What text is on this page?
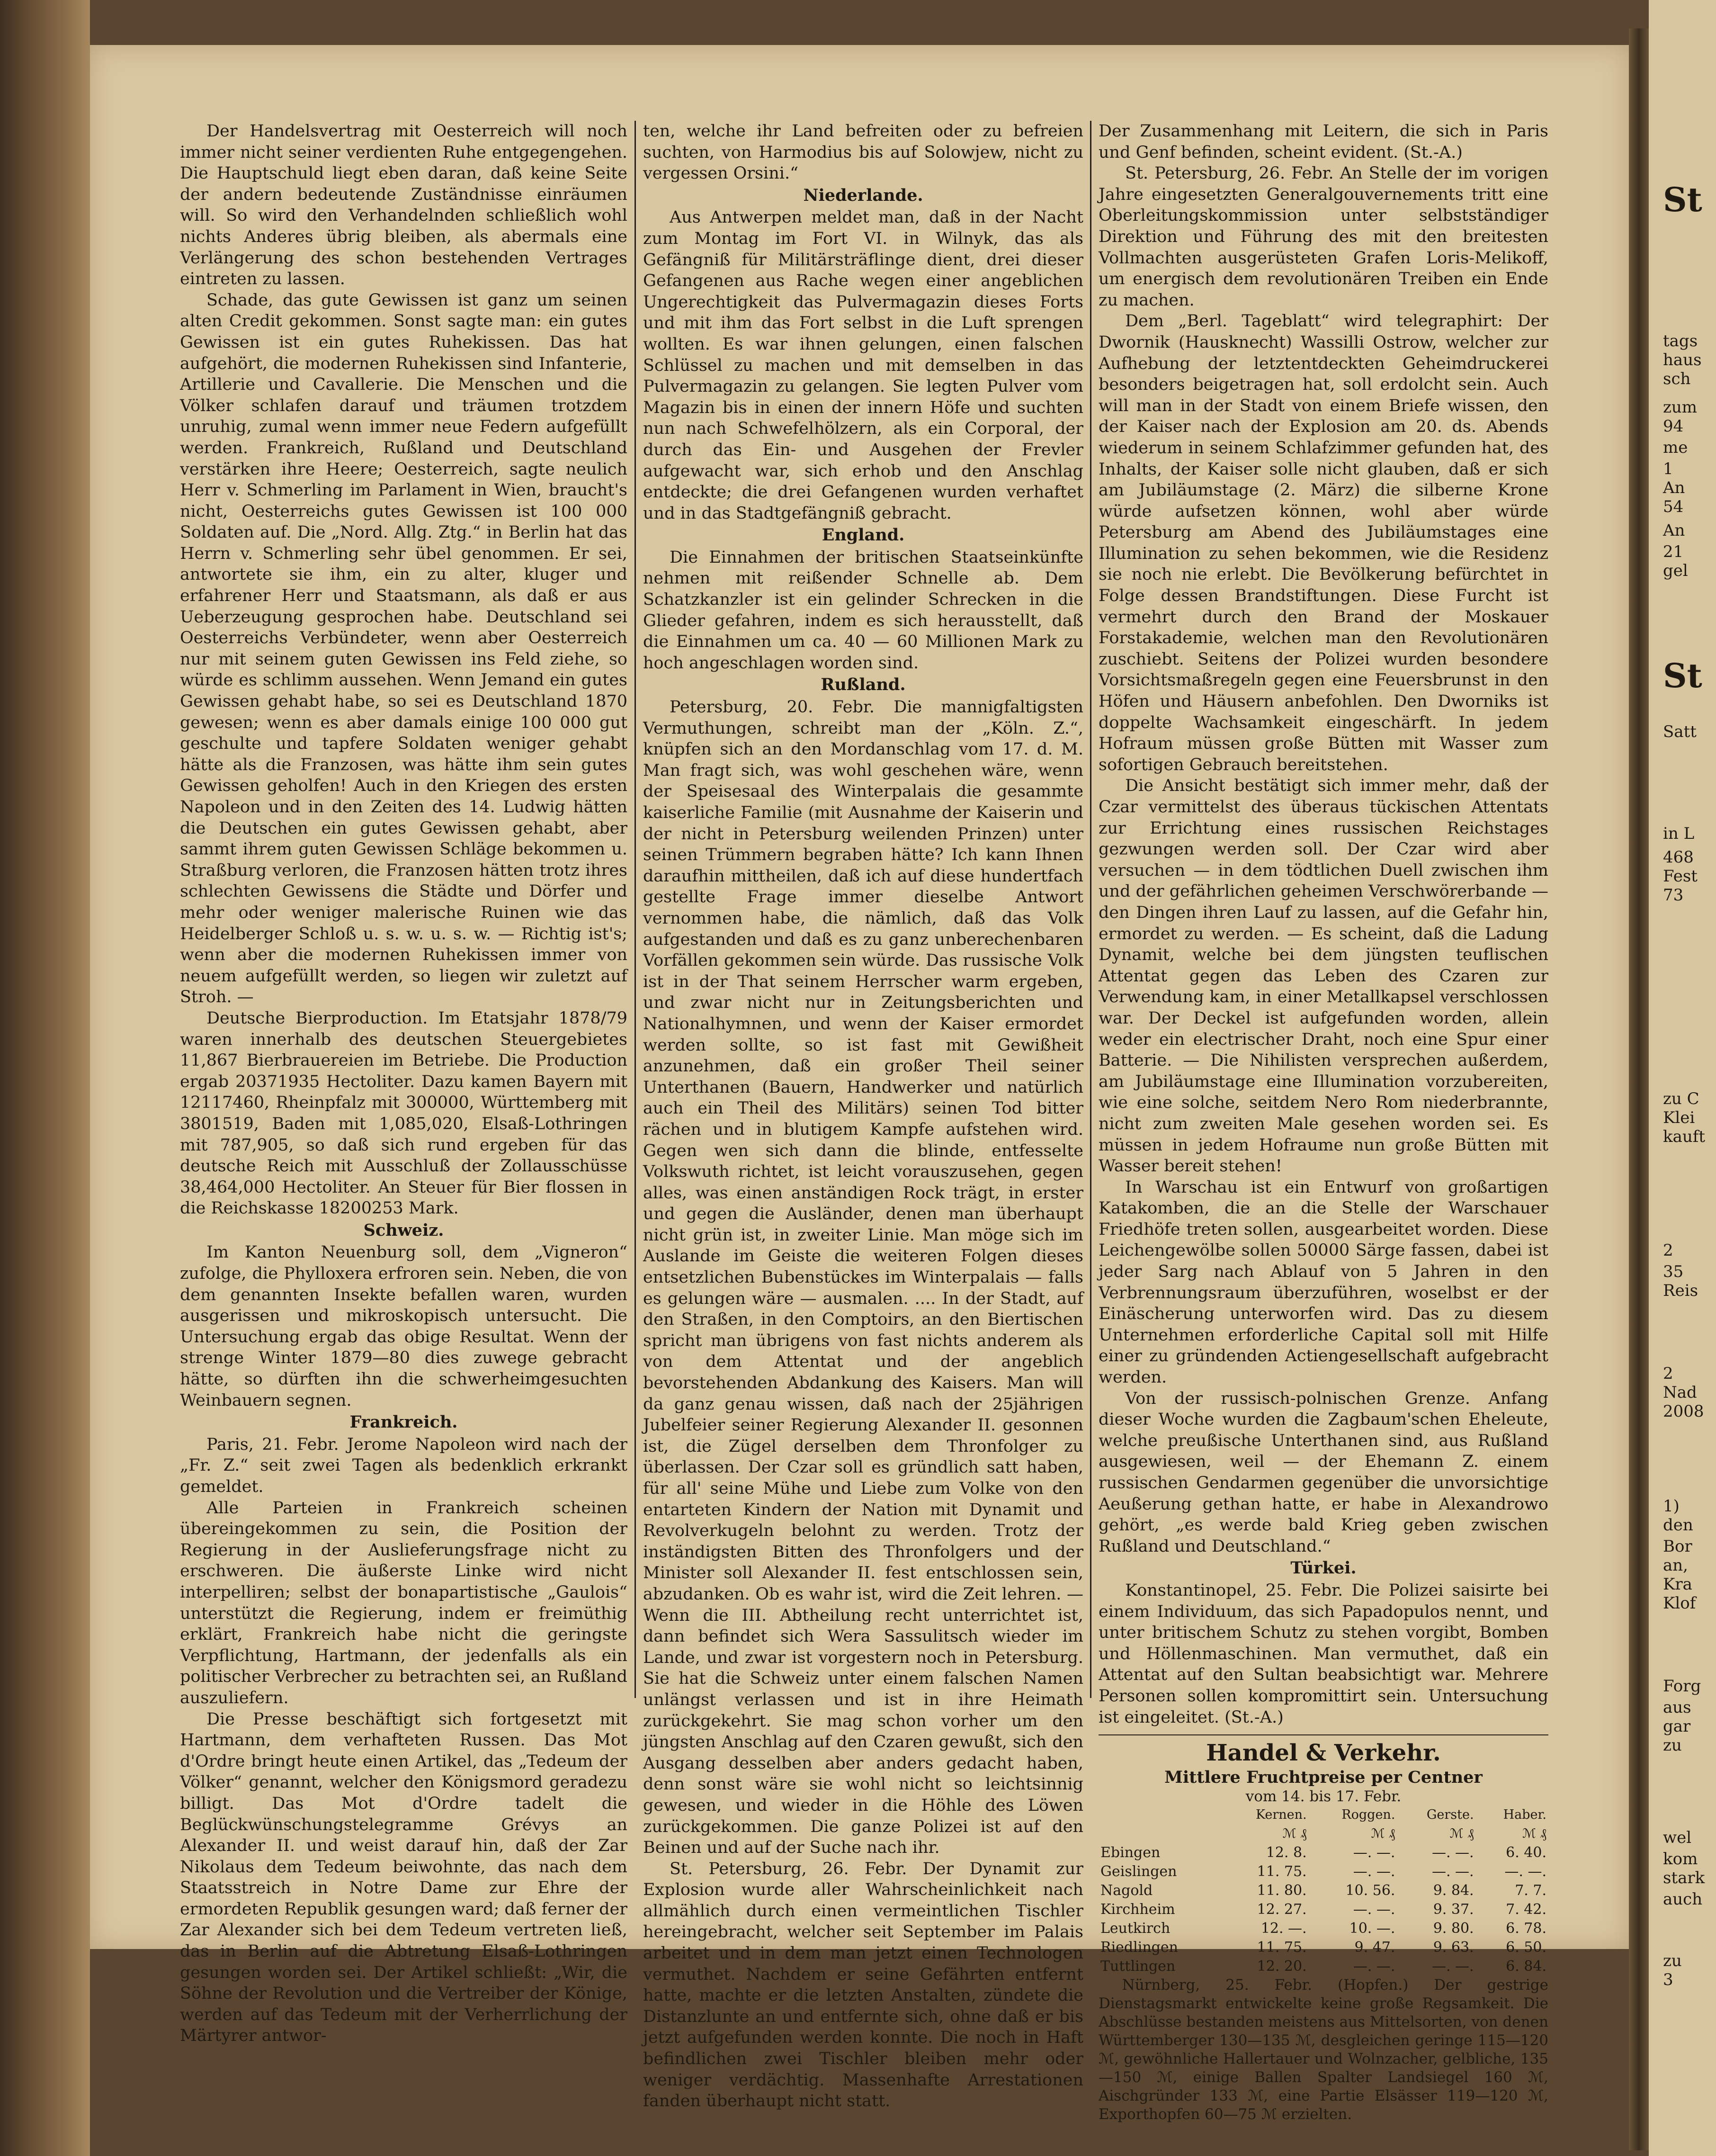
Der Handelsvertrag mit Oesterreich will noch immer nicht seiner verdienten Ruhe entgegengehen. Die Hauptschuld liegt eben daran, daß keine Seite der andern bedeutende Zuständnisse einräumen will. So wird den Verhandelnden schließlich wohl nichts Anderes übrig bleiben, als abermals eine Verlängerung des schon bestehenden Vertrages eintreten zu lassen.

Schade, das gute Gewissen ist ganz um seinen alten Credit gekommen. Sonst sagte man: ein gutes Gewissen ist ein gutes Ruhekissen. Das hat aufgehört, die modernen Ruhekissen sind Infanterie, Artillerie und Cavallerie. Die Menschen und die Völker schlafen darauf und träumen trotzdem unruhig, zumal wenn immer neue Federn aufgefüllt werden. Frankreich, Rußland und Deutschland verstärken ihre Heere; Oesterreich, sagte neulich Herr v. Schmerling im Parlament in Wien, braucht's nicht, Oesterreichs gutes Gewissen ist 100 000 Soldaten auf. Die „Nord. Allg. Ztg.“ in Berlin hat das Herrn v. Schmerling sehr übel genommen. Er sei, antwortete sie ihm, ein zu alter, kluger und erfahrener Herr und Staatsmann, als daß er aus Ueberzeugung gesprochen habe. Deutschland sei Oesterreichs Verbündeter, wenn aber Oesterreich nur mit seinem guten Gewissen ins Feld ziehe, so würde es schlimm aussehen. Wenn Jemand ein gutes Gewissen gehabt habe, so sei es Deutschland 1870 gewesen; wenn es aber damals einige 100 000 gut geschulte und tapfere Soldaten weniger gehabt hätte als die Franzosen, was hätte ihm sein gutes Gewissen geholfen! Auch in den Kriegen des ersten Napoleon und in den Zeiten des 14. Ludwig hätten die Deutschen ein gutes Gewissen gehabt, aber sammt ihrem guten Gewissen Schläge bekommen u. Straßburg verloren, die Franzosen hätten trotz ihres schlechten Gewissens die Städte und Dörfer und mehr oder weniger malerische Ruinen wie das Heidelberger Schloß u. s. w. u. s. w. — Richtig ist's; wenn aber die modernen Ruhekissen immer von neuem aufgefüllt werden, so liegen wir zuletzt auf Stroh. —

Deutsche Bierproduction. Im Etatsjahr 1878/79 waren innerhalb des deutschen Steuergebietes 11,867 Bierbrauereien im Betriebe. Die Production ergab 20371935 Hectoliter. Dazu kamen Bayern mit 12117460, Rheinpfalz mit 300000, Württemberg mit 3801519, Baden mit 1,085,020, Elsaß-Lothringen mit 787,905, so daß sich rund ergeben für das deutsche Reich mit Ausschluß der Zollausschüsse 38,464,000 Hectoliter. An Steuer für Bier flossen in die Reichskasse 18200253 Mark.

Schweiz.

Im Kanton Neuenburg soll, dem „Vigneron“ zufolge, die Phylloxera erfroren sein. Neben, die von dem genannten Insekte befallen waren, wurden ausgerissen und mikroskopisch untersucht. Die Untersuchung ergab das obige Resultat. Wenn der strenge Winter 1879—80 dies zuwege gebracht hätte, so dürften ihn die schwerheimgesuchten Weinbauern segnen.

Frankreich.

Paris, 21. Febr. Jerome Napoleon wird nach der „Fr. Z.“ seit zwei Tagen als bedenklich erkrankt gemeldet.

Alle Parteien in Frankreich scheinen übereingekommen zu sein, die Position der Regierung in der Auslieferungsfrage nicht zu erschweren. Die äußerste Linke wird nicht interpelliren; selbst der bonapartistische „Gaulois“ unterstützt die Regierung, indem er freimüthig erklärt, Frankreich habe nicht die geringste Verpflichtung, Hartmann, der jedenfalls als ein politischer Verbrecher zu betrachten sei, an Rußland auszuliefern.

Die Presse beschäftigt sich fortgesetzt mit Hartmann, dem verhafteten Russen. Das Mot d'Ordre bringt heute einen Artikel, das „Tedeum der Völker“ genannt, welcher den Königsmord geradezu billigt. Das Mot d'Ordre tadelt die Beglückwünschungstelegramme Grévys an Alexander II. und weist darauf hin, daß der Zar Nikolaus dem Tedeum beiwohnte, das nach dem Staatsstreich in Notre Dame zur Ehre der ermordeten Republik gesungen ward; daß ferner der Zar Alexander sich bei dem Tedeum vertreten ließ, das in Berlin auf die Abtretung Elsaß-Lothringen gesungen worden sei. Der Artikel schließt: „Wir, die Söhne der Revolution und die Vertreiber der Könige, werden auf das Tedeum mit der Verherrlichung der Märtyrer antwor-

ten, welche ihr Land befreiten oder zu befreien suchten, von Harmodius bis auf Solowjew, nicht zu vergessen Orsini.“

Niederlande.

Aus Antwerpen meldet man, daß in der Nacht zum Montag im Fort VI. in Wilnyk, das als Gefängniß für Militärsträflinge dient, drei dieser Gefangenen aus Rache wegen einer angeblichen Ungerechtigkeit das Pulvermagazin dieses Forts und mit ihm das Fort selbst in die Luft sprengen wollten. Es war ihnen gelungen, einen falschen Schlüssel zu machen und mit demselben in das Pulvermagazin zu gelangen. Sie legten Pulver vom Magazin bis in einen der innern Höfe und suchten nun nach Schwefelhölzern, als ein Corporal, der durch das Ein- und Ausgehen der Frevler aufgewacht war, sich erhob und den Anschlag entdeckte; die drei Gefangenen wurden verhaftet und in das Stadtgefängniß gebracht.

England.

Die Einnahmen der britischen Staatseinkünfte nehmen mit reißender Schnelle ab. Dem Schatzkanzler ist ein gelinder Schrecken in die Glieder gefahren, indem es sich herausstellt, daß die Einnahmen um ca. 40 — 60 Millionen Mark zu hoch angeschlagen worden sind.

Rußland.

Petersburg, 20. Febr. Die mannigfaltigsten Vermuthungen, schreibt man der „Köln. Z.“, knüpfen sich an den Mordanschlag vom 17. d. M. Man fragt sich, was wohl geschehen wäre, wenn der Speisesaal des Winterpalais die gesammte kaiserliche Familie (mit Ausnahme der Kaiserin und der nicht in Petersburg weilenden Prinzen) unter seinen Trümmern begraben hätte? Ich kann Ihnen daraufhin mittheilen, daß ich auf diese hundertfach gestellte Frage immer dieselbe Antwort vernommen habe, die nämlich, daß das Volk aufgestanden und daß es zu ganz unberechenbaren Vorfällen gekommen sein würde. Das russische Volk ist in der That seinem Herrscher warm ergeben, und zwar nicht nur in Zeitungsberichten und Nationalhymnen, und wenn der Kaiser ermordet werden sollte, so ist fast mit Gewißheit anzunehmen, daß ein großer Theil seiner Unterthanen (Bauern, Handwerker und natürlich auch ein Theil des Militärs) seinen Tod bitter rächen und in blutigem Kampfe aufstehen wird. Gegen wen sich dann die blinde, entfesselte Volkswuth richtet, ist leicht vorauszusehen, gegen alles, was einen anständigen Rock trägt, in erster und gegen die Ausländer, denen man überhaupt nicht grün ist, in zweiter Linie. Man möge sich im Auslande im Geiste die weiteren Folgen dieses entsetzlichen Bubenstückes im Winterpalais — falls es gelungen wäre — ausmalen. .... In der Stadt, auf den Straßen, in den Comptoirs, an den Biertischen spricht man übrigens von fast nichts anderem als von dem Attentat und der angeblich bevorstehenden Abdankung des Kaisers. Man will da ganz genau wissen, daß nach der 25jährigen Jubelfeier seiner Regierung Alexander II. gesonnen ist, die Zügel derselben dem Thronfolger zu überlassen. Der Czar soll es gründlich satt haben, für all' seine Mühe und Liebe zum Volke von den entarteten Kindern der Nation mit Dynamit und Revolverkugeln belohnt zu werden. Trotz der inständigsten Bitten des Thronfolgers und der Minister soll Alexander II. fest entschlossen sein, abzudanken. Ob es wahr ist, wird die Zeit lehren. — Wenn die III. Abtheilung recht unterrichtet ist, dann befindet sich Wera Sassulitsch wieder im Lande, und zwar ist vorgestern noch in Petersburg. Sie hat die Schweiz unter einem falschen Namen unlängst verlassen und ist in ihre Heimath zurückgekehrt. Sie mag schon vorher um den jüngsten Anschlag auf den Czaren gewußt, sich den Ausgang desselben aber anders gedacht haben, denn sonst wäre sie wohl nicht so leichtsinnig gewesen, und wieder in die Höhle des Löwen zurückgekommen. Die ganze Polizei ist auf den Beinen und auf der Suche nach ihr.

St. Petersburg, 26. Febr. Der Dynamit zur Explosion wurde aller Wahrscheinlichkeit nach allmählich durch einen vermeintlichen Tischler hereingebracht, welcher seit September im Palais arbeitet und in dem man jetzt einen Technologen vermuthet. Nachdem er seine Gefährten entfernt hatte, machte er die letzten Anstalten, zündete die Distanzlunte an und entfernte sich, ohne daß er bis jetzt aufgefunden werden konnte. Die noch in Haft befindlichen zwei Tischler bleiben mehr oder weniger verdächtig. Massenhafte Arrestationen fanden überhaupt nicht statt.

Der Zusammenhang mit Leitern, die sich in Paris und Genf befinden, scheint evident. (St.-A.)

St. Petersburg, 26. Febr. An Stelle der im vorigen Jahre eingesetzten Generalgouvernements tritt eine Oberleitungskommission unter selbstständiger Direktion und Führung des mit den breitesten Vollmachten ausgerüsteten Grafen Loris-Melikoff, um energisch dem revolutionären Treiben ein Ende zu machen.

Dem „Berl. Tageblatt“ wird telegraphirt: Der Dwornik (Hausknecht) Wassilli Ostrow, welcher zur Aufhebung der letztentdeckten Geheimdruckerei besonders beigetragen hat, soll erdolcht sein. Auch will man in der Stadt von einem Briefe wissen, den der Kaiser nach der Explosion am 20. ds. Abends wiederum in seinem Schlafzimmer gefunden hat, des Inhalts, der Kaiser solle nicht glauben, daß er sich am Jubiläumstage (2. März) die silberne Krone würde aufsetzen können, wohl aber würde Petersburg am Abend des Jubiläumstages eine Illumination zu sehen bekommen, wie die Residenz sie noch nie erlebt. Die Bevölkerung befürchtet in Folge dessen Brandstiftungen. Diese Furcht ist vermehrt durch den Brand der Moskauer Forstakademie, welchen man den Revolutionären zuschiebt. Seitens der Polizei wurden besondere Vorsichtsmaßregeln gegen eine Feuersbrunst in den Höfen und Häusern anbefohlen. Den Dworniks ist doppelte Wachsamkeit eingeschärft. In jedem Hofraum müssen große Bütten mit Wasser zum sofortigen Gebrauch bereitstehen.

Die Ansicht bestätigt sich immer mehr, daß der Czar vermittelst des überaus tückischen Attentats zur Errichtung eines russischen Reichstages gezwungen werden soll. Der Czar wird aber versuchen — in dem tödtlichen Duell zwischen ihm und der gefährlichen geheimen Verschwörerbande — den Dingen ihren Lauf zu lassen, auf die Gefahr hin, ermordet zu werden. — Es scheint, daß die Ladung Dynamit, welche bei dem jüngsten teuflischen Attentat gegen das Leben des Czaren zur Verwendung kam, in einer Metallkapsel verschlossen war. Der Deckel ist aufgefunden worden, allein weder ein electrischer Draht, noch eine Spur einer Batterie. — Die Nihilisten versprechen außerdem, am Jubiläumstage eine Illumination vorzubereiten, wie eine solche, seitdem Nero Rom niederbrannte, nicht zum zweiten Male gesehen worden sei. Es müssen in jedem Hofraume nun große Bütten mit Wasser bereit stehen!

In Warschau ist ein Entwurf von großartigen Katakomben, die an die Stelle der Warschauer Friedhöfe treten sollen, ausgearbeitet worden. Diese Leichengewölbe sollen 50000 Särge fassen, dabei ist jeder Sarg nach Ablauf von 5 Jahren in den Verbrennungsraum überzuführen, woselbst er der Einäscherung unterworfen wird. Das zu diesem Unternehmen erforderliche Capital soll mit Hilfe einer zu gründenden Actiengesellschaft aufgebracht werden.

Von der russisch-polnischen Grenze. Anfang dieser Woche wurden die Zagbaum'schen Eheleute, welche preußische Unterthanen sind, aus Rußland ausgewiesen, weil — der Ehemann Z. einem russischen Gendarmen gegenüber die unvorsichtige Aeußerung gethan hatte, er habe in Alexandrowo gehört, „es werde bald Krieg geben zwischen Rußland und Deutschland.“

Türkei.

Konstantinopel, 25. Febr. Die Polizei saisirte bei einem Individuum, das sich Papadopulos nennt, und unter britischem Schutz zu stehen vorgibt, Bomben und Höllenmaschinen. Man vermuthet, daß ein Attentat auf den Sultan beabsichtigt war. Mehrere Personen sollen kompromittirt sein. Untersuchung ist eingeleitet. (St.-A.)

Handel & Verkehr.
Mittlere Fruchtpreise per Centner
vom 14. bis 17. Febr.
	Kernen.	Roggen.	Gerste.	Haber.
	ℳ ₰	ℳ ₰	ℳ ₰	ℳ ₰
Ebingen	12. 8.	—. —.	—. —.	6. 40.
Geislingen	11. 75.	—. —.	—. —.	—. —.
Nagold	11. 80.	10. 56.	9. 84.	7. 7.
Kirchheim	12. 27.	—. —.	9. 37.	7. 42.
Leutkirch	12. —.	10. —.	9. 80.	6. 78.
Riedlingen	11. 75.	9. 47.	9. 63.	6. 50.
Tuttlingen	12. 20.	—. —.	—. —.	6. 84.

Nürnberg, 25. Febr. (Hopfen.) Der gestrige Dienstagsmarkt entwickelte keine große Regsamkeit. Die Abschlüsse bestanden meistens aus Mittelsorten, von denen Württemberger 130—135 ℳ, desgleichen geringe 115—120 ℳ, gewöhnliche Hallertauer und Wolnzacher, gelbliche, 135—150 ℳ, einige Ballen Spalter Landsiegel 160 ℳ, Aischgründer 133 ℳ, eine Partie Elsässer 119—120 ℳ, Exporthopfen 60—75 ℳ erzielten.

St
tags
haus
sch
zum
94
me
1
An
54
An
21
gel
St
Satt
in L
468
Fest
73
zu C
Klei
kauft
2
35
Reis
2
Nad
2008
1)
den
Bor
an,
Kra
Klof
Forg
aus
gar
zu
wel
kom
stark
auch
zu
3
